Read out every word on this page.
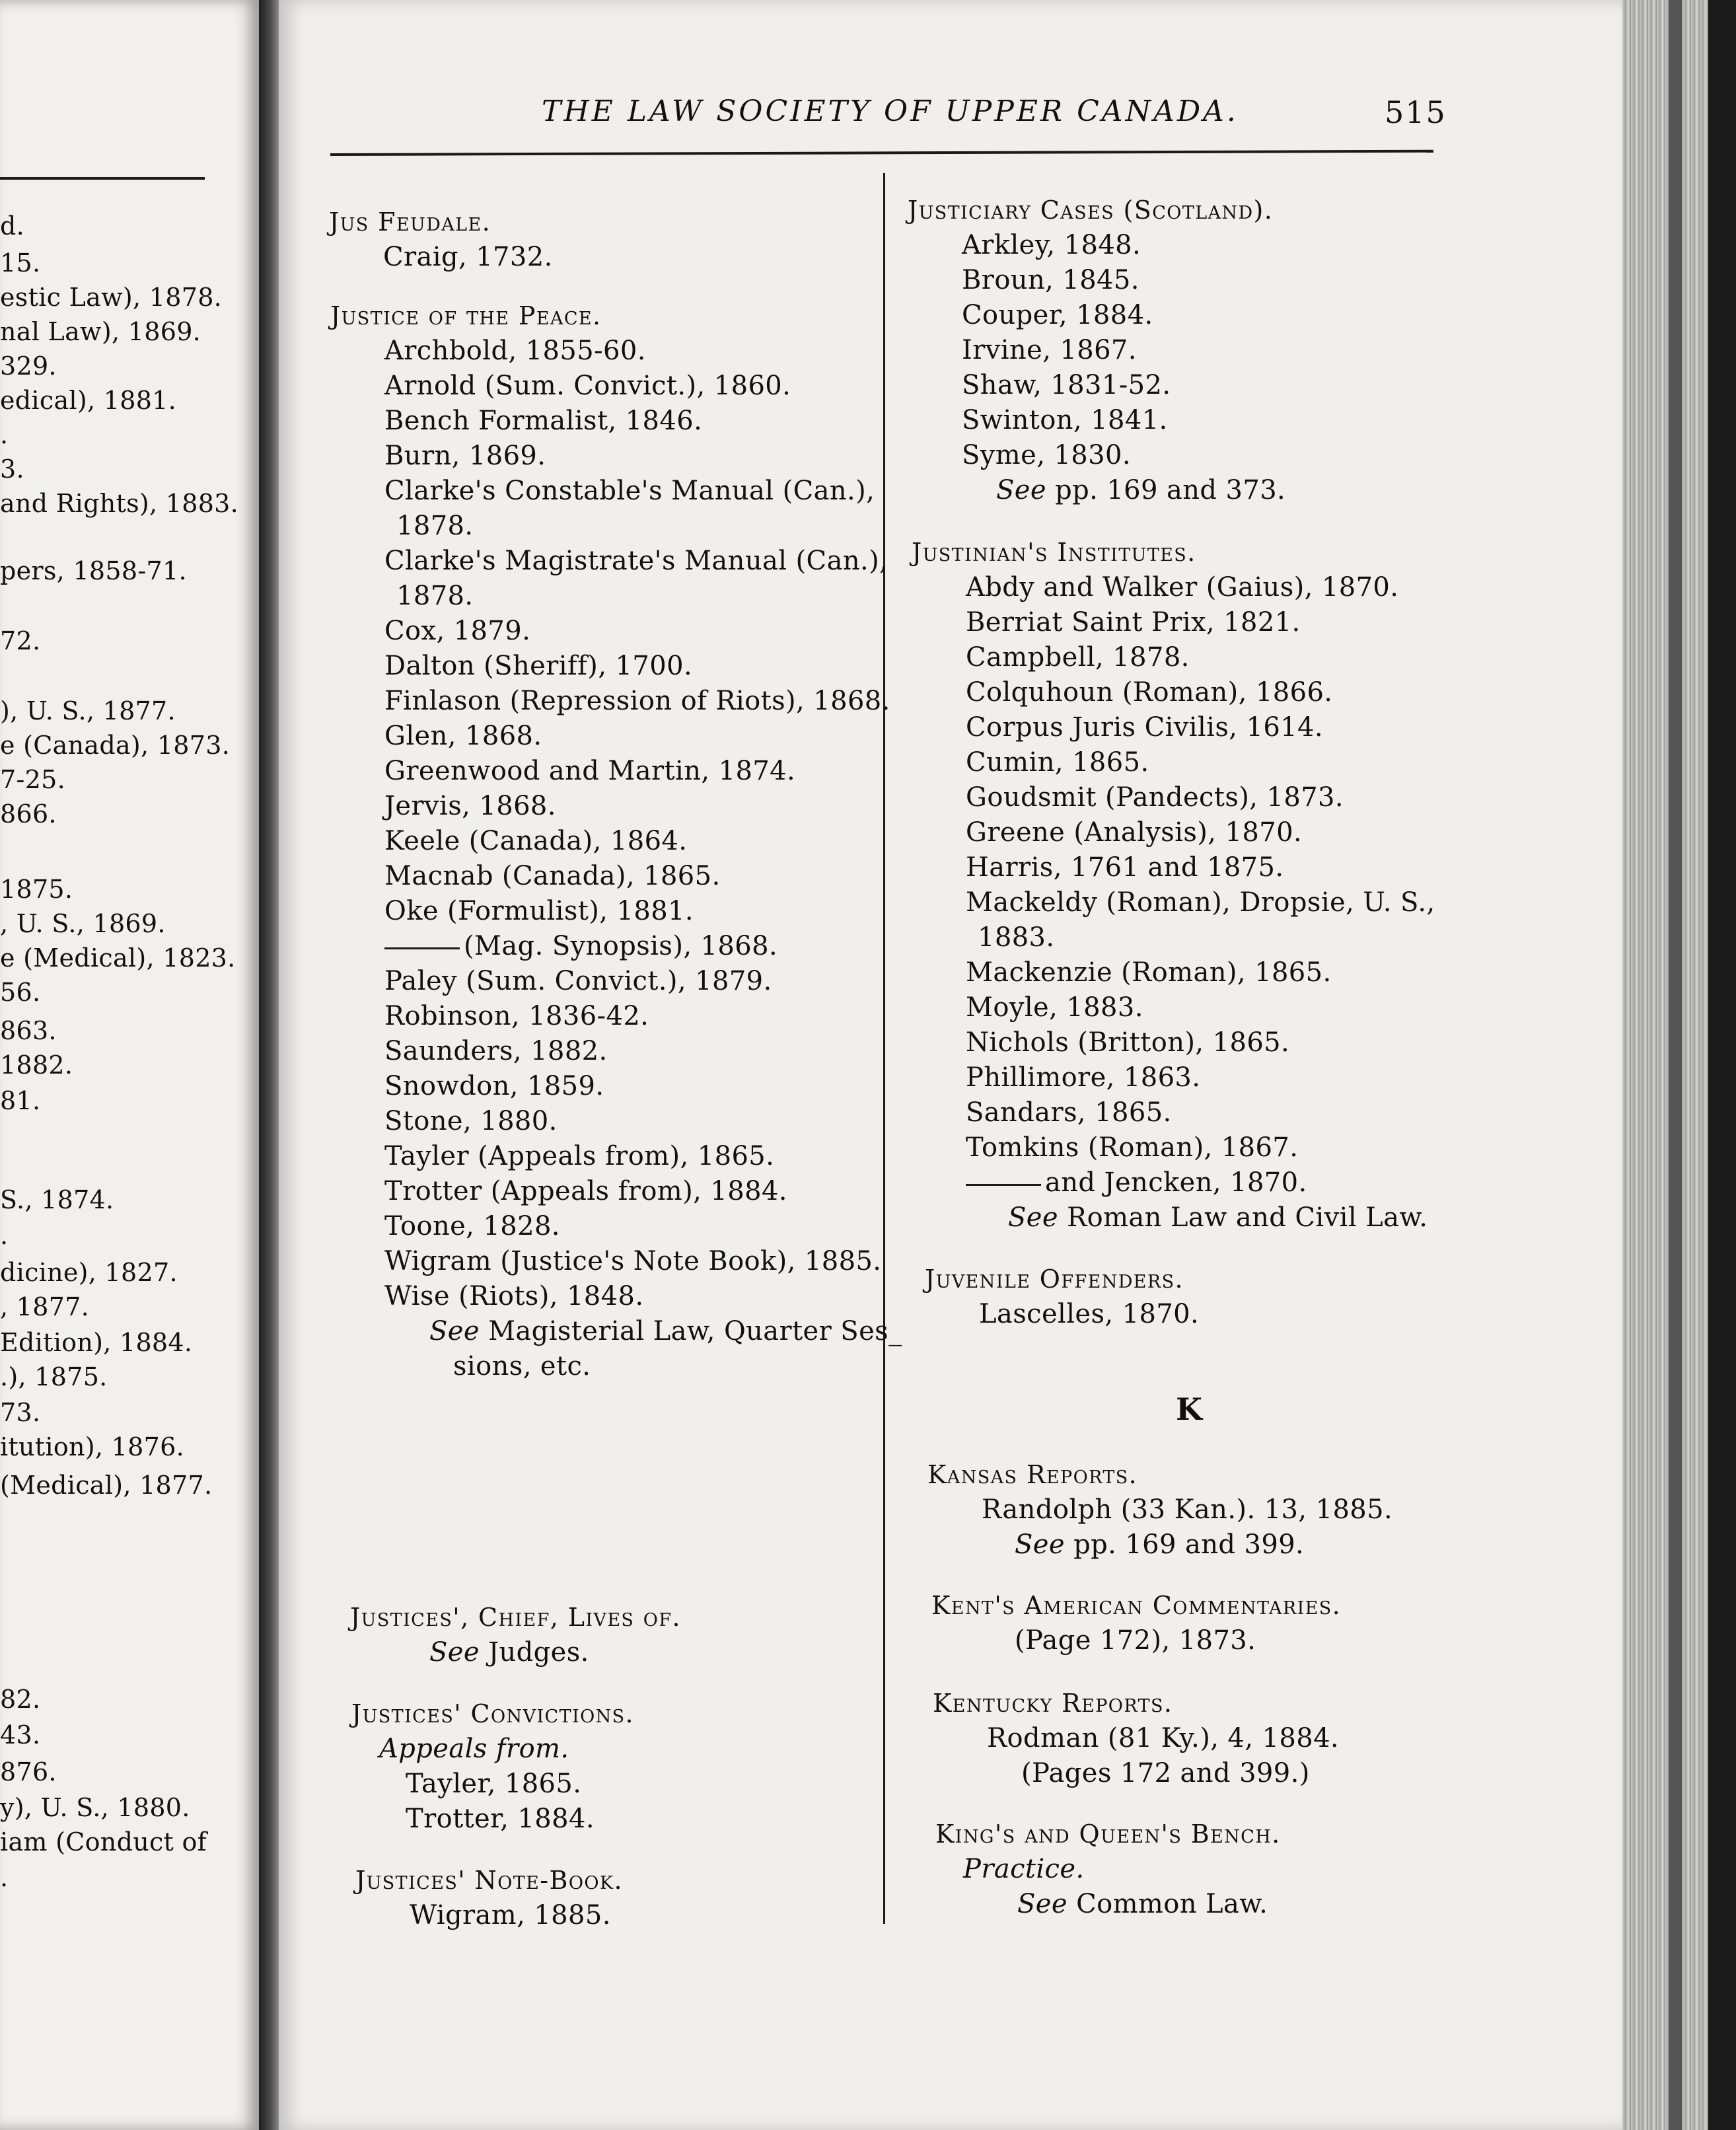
d.
15.
estic Law), 1878.
nal Law), 1869.
329.
edical), 1881.
.
3.
and Rights), 1883.
pers, 1858-71.
72.
), U. S., 1877.
e (Canada), 1873.
7-25.
866.
1875.
, U. S., 1869.
e (Medical), 1823.
56.
863.
1882.
81.
S., 1874.
.
dicine), 1827.
, 1877.
Edition), 1884.
.), 1875.
73.
itution), 1876.
(Medical), 1877.
82.
43.
876.
y), U. S., 1880.
iam (Conduct of
.
THE LAW SOCIETY OF UPPER CANADA.	515
Jus Feudale.
Craig, 1732.
Justice of the Peace.
Archbold, 1855-60.
Arnold (Sum. Convict.), 1860.
Bench Formalist, 1846.
Burn, 1869.
Clarke's Constable's Manual (Can.),
1878.
Clarke's Magistrate's Manual (Can.),
1878.
Cox, 1879.
Dalton (Sheriff), 1700.
Finlason (Repression of Riots), 1868.
Glen, 1868.
Greenwood and Martin, 1874.
Jervis, 1868.
Keele (Canada), 1864.
Macnab (Canada), 1865.
Oke (Formulist), 1881.
(Mag. Synopsis), 1868.
Paley (Sum. Convict.), 1879.
Robinson, 1836-42.
Saunders, 1882.
Snowdon, 1859.
Stone, 1880.
Tayler (Appeals from), 1865.
Trotter (Appeals from), 1884.
Toone, 1828.
Wigram (Justice's Note Book), 1885.
Wise (Riots), 1848.
See Magisterial Law, Quarter Ses_
sions, etc.
Justices', Chief, Lives of.
See Judges.
Justices' Convictions.
Appeals from.
Tayler, 1865.
Trotter, 1884.
Justices' Note-Book.
Wigram, 1885.
Justiciary Cases (Scotland).
Arkley, 1848.
Broun, 1845.
Couper, 1884.
Irvine, 1867.
Shaw, 1831-52.
Swinton, 1841.
Syme, 1830.
See pp. 169 and 373.
Justinian's Institutes.
Abdy and Walker (Gaius), 1870.
Berriat Saint Prix, 1821.
Campbell, 1878.
Colquhoun (Roman), 1866.
Corpus Juris Civilis, 1614.
Cumin, 1865.
Goudsmit (Pandects), 1873.
Greene (Analysis), 1870.
Harris, 1761 and 1875.
Mackeldy (Roman), Dropsie, U. S.,
1883.
Mackenzie (Roman), 1865.
Moyle, 1883.
Nichols (Britton), 1865.
Phillimore, 1863.
Sandars, 1865.
Tomkins (Roman), 1867.
and Jencken, 1870.
See Roman Law and Civil Law.
Juvenile Offenders.
Lascelles, 1870.
K
Kansas Reports.
Randolph (33 Kan.). 13, 1885.
See pp. 169 and 399.
Kent's American Commentaries.
(Page 172), 1873.
Kentucky Reports.
Rodman (81 Ky.), 4, 1884.
(Pages 172 and 399.)
King's and Queen's Bench.
Practice.
See Common Law.
